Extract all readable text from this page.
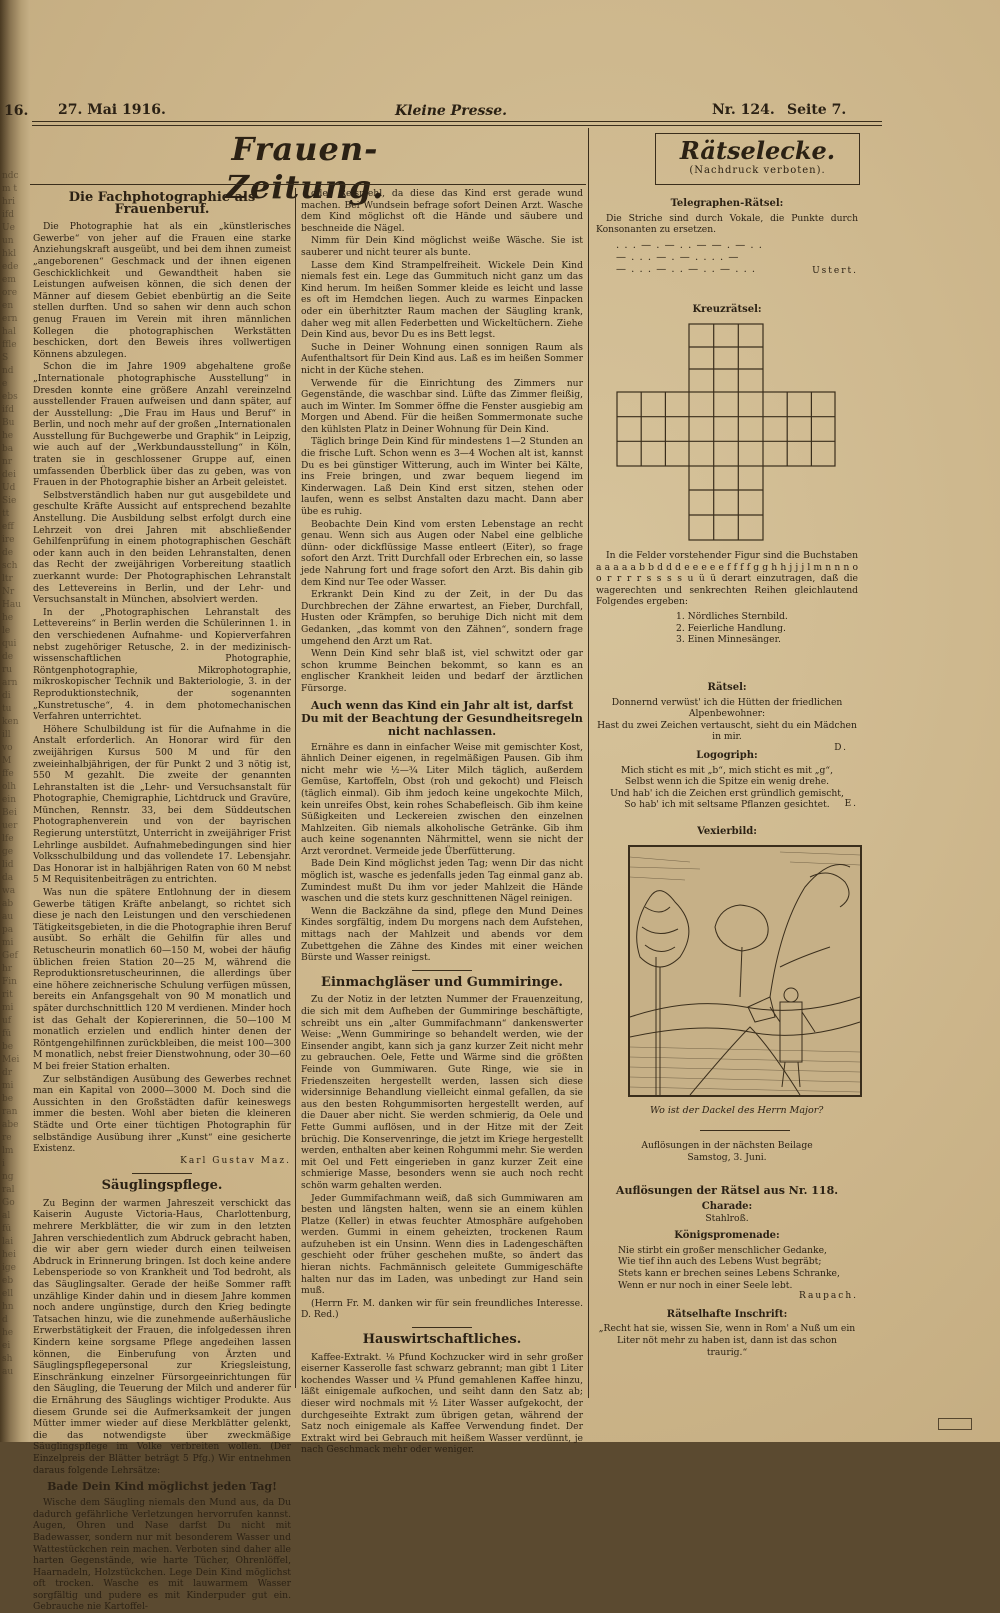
ndc
m t
hri
ifd
Ue
un
hkl
ede
em
ore
en
ern
hal
ffle
S
nd
e
ebs
ifd
Bu
he
ba
nr
dei
Ud
Sie
tt
eff
ire
de
sch
ltr
Nr
Hau
he
le
qui
de
ru
arn
di
tu
ken
ill
vo
M
ffe
olh
ein
Bei
uer
lfe
ge
lid
da
wa
ab
au
pa
mi
Gef
hr
Fin
rit
mi
uf
fü
be
Mei
dr
mi
be
ran
abe
re
lm
i
ng
ral
Go
al
fü
lai
hei
ige
eb
ell
hn
d
he
ei
sh
au
16. 27. Mai 1916.	Kleine Presse.	Nr. 124. Seite 7.
Frauen-Zeitung.
Die Fachphotographie als Frauenberuf.

Die Photographie hat als ein „künstlerisches Gewerbe“ von jeher auf die Frauen eine starke Anziehungskraft ausgeübt, und bei dem ihnen zumeist „angeborenen“ Geschmack und der ihnen eigenen Geschicklichkeit und Gewandtheit haben sie Leistungen aufweisen können, die sich denen der Männer auf diesem Gebiet ebenbürtig an die Seite stellen durften. Und so sahen wir denn auch schon genug Frauen im Verein mit ihren männlichen Kollegen die photographischen Werkstätten beschicken, dort den Beweis ihres vollwertigen Könnens abzulegen.

Schon die im Jahre 1909 abgehaltene große „Internationale photographische Ausstellung“ in Dresden konnte eine größere Anzahl vereinzelnd ausstellender Frauen aufweisen und dann später, auf der Ausstellung: „Die Frau im Haus und Beruf“ in Berlin, und noch mehr auf der großen „Internationalen Ausstellung für Buchgewerbe und Graphik“ in Leipzig, wie auch auf der „Werkbundausstellung“ in Köln, traten sie in geschlossener Gruppe auf, einen umfassenden Überblick über das zu geben, was von Frauen in der Photographie bisher an Arbeit geleistet.

Selbstverständlich haben nur gut ausgebildete und geschulte Kräfte Aussicht auf entsprechend bezahlte Anstellung. Die Ausbildung selbst erfolgt durch eine Lehrzeit von drei Jahren mit abschließender Gehilfenprüfung in einem photographischen Geschäft oder kann auch in den beiden Lehranstalten, denen das Recht der zweijährigen Vorbereitung staatlich zuerkannt wurde: Der Photographischen Lehranstalt des Lettevereins in Berlin, und der Lehr- und Versuchsanstalt in München, absolviert werden.

In der „Photographischen Lehranstalt des Lettevereins“ in Berlin werden die Schülerinnen 1. in den verschiedenen Aufnahme- und Kopierverfahren nebst zugehöriger Retusche, 2. in der medizinisch-wissenschaftlichen Photographie, Röntgenphotographie, Mikrophotographie, mikroskopischer Technik und Bakteriologie, 3. in der Reproduktionstechnik, der sogenannten „Kunstretusche“, 4. in dem photomechanischen Verfahren unterrichtet.

Höhere Schulbildung ist für die Aufnahme in die Anstalt erforderlich. An Honorar wird für den zweijährigen Kursus 500 M und für den zweieinhalbjährigen, der für Punkt 2 und 3 nötig ist, 550 M gezahlt. Die zweite der genannten Lehranstalten ist die „Lehr- und Versuchsanstalt für Photographie, Chemigraphie, Lichtdruck und Gravüre, München, Rennstr. 33, bei dem Süddeutschen Photographenverein und von der bayrischen Regierung unterstützt, Unterricht in zweijähriger Frist Lehrlinge ausbildet. Aufnahmebedingungen sind hier Volksschulbildung und das vollendete 17. Lebensjahr. Das Honorar ist in halbjährigen Raten von 60 M nebst 5 M Requisitenbeiträgen zu entrichten.

Was nun die spätere Entlohnung der in diesem Gewerbe tätigen Kräfte anbelangt, so richtet sich diese je nach den Leistungen und den verschiedenen Tätigkeitsgebieten, in die die Photographie ihren Beruf ausübt. So erhält die Gehilfin für alles und Retuscheurin monatlich 60—150 M, wobei der häufig üblichen freien Station 20—25 M, während die Reproduktionsretuscheurinnen, die allerdings über eine höhere zeichnerische Schulung verfügen müssen, bereits ein Anfangsgehalt von 90 M monatlich und später durchschnittlich 120 M verdienen. Minder hoch ist das Gehalt der Kopiererinnen, die 50—100 M monatlich erzielen und endlich hinter denen der Röntgengehilfinnen zurückbleiben, die meist 100—300 M monatlich, nebst freier Dienstwohnung, oder 30—60 M bei freier Station erhalten.

Zur selbständigen Ausübung des Gewerbes rechnet man ein Kapital von 2000—3000 M. Doch sind die Aussichten in den Großstädten dafür keineswegs immer die besten. Wohl aber bieten die kleineren Städte und Orte einer tüchtigen Photographin für selbständige Ausübung ihrer „Kunst“ eine gesicherte Existenz.

Karl Gustav Maz.
Säuglingspflege.

Zu Beginn der warmen Jahreszeit verschickt das Kaiserin Auguste Victoria-Haus, Charlottenburg, mehrere Merkblätter, die wir zum in den letzten Jahren verschiedentlich zum Abdruck gebracht haben, die wir aber gern wieder durch einen teilweisen Abdruck in Erinnerung bringen. Ist doch keine andere Lebensperiode so von Krankheit und Tod bedroht, als das Säuglingsalter. Gerade der heiße Sommer rafft unzählige Kinder dahin und in diesem Jahre kommen noch andere ungünstige, durch den Krieg bedingte Tatsachen hinzu, wie die zunehmende außerhäusliche Erwerbstätigkeit der Frauen, die infolgedessen ihren Kindern keine sorgsame Pflege angedeihen lassen können, die Einberufung von Ärzten und Säuglingspflegepersonal zur Kriegsleistung, Einschränkung einzelner Fürsorgeeinrichtungen für den Säugling, die Teuerung der Milch und anderer für die Ernährung des Säuglings wichtiger Produkte. Aus diesem Grunde sei die Aufmerksamkeit der jungen Mütter immer wieder auf diese Merkblätter gelenkt, die das notwendigste über zweckmäßige Säuglingspflege im Volke verbreiten wollen. (Der Einzelpreis der Blätter beträgt 5 Pfg.) Wir entnehmen daraus folgende Lehrsätze:

Bade Dein Kind möglichst jeden Tag!

Wische dem Säugling niemals den Mund aus, da Du dadurch gefährliche Verletzungen hervorrufen kannst. Augen, Ohren und Nase darfst Du nicht mit Badewasser, sondern nur mit besonderem Wasser und Wattestückchen rein machen. Verboten sind daher alle harten Gegenstände, wie harte Tücher, Ohrenlöffel, Haarnadeln, Holzstückchen. Lege Dein Kind möglichst oft trocken. Wasche es mit lauwarmem Wasser sorgfältig und pudere es mit Kinderpuder gut ein. Gebrauche nie Kartoffel-

oder Reismehl, da diese das Kind erst gerade wund machen. Bei Wundsein befrage sofort Deinen Arzt. Wasche dem Kind möglichst oft die Hände und säubere und beschneide die Nägel.

Nimm für Dein Kind möglichst weiße Wäsche. Sie ist sauberer und nicht teurer als bunte.

Lasse dem Kind Strampelfreiheit. Wickele Dein Kind niemals fest ein. Lege das Gummituch nicht ganz um das Kind herum. Im heißen Sommer kleide es leicht und lasse es oft im Hemdchen liegen. Auch zu warmes Einpacken oder ein überhitzter Raum machen der Säugling krank, daher weg mit allen Federbetten und Wickeltüchern. Ziehe Dein Kind aus, bevor Du es ins Bett legst.

Suche in Deiner Wohnung einen sonnigen Raum als Aufenthaltsort für Dein Kind aus. Laß es im heißen Sommer nicht in der Küche stehen.

Verwende für die Einrichtung des Zimmers nur Gegenstände, die waschbar sind. Lüfte das Zimmer fleißig, auch im Winter. Im Sommer öffne die Fenster ausgiebig am Morgen und Abend. Für die heißen Sommermonate suche den kühlsten Platz in Deiner Wohnung für Dein Kind.

Täglich bringe Dein Kind für mindestens 1—2 Stunden an die frische Luft. Schon wenn es 3—4 Wochen alt ist, kannst Du es bei günstiger Witterung, auch im Winter bei Kälte, ins Freie bringen, und zwar bequem liegend im Kinderwagen. Laß Dein Kind erst sitzen, stehen oder laufen, wenn es selbst Anstalten dazu macht. Dann aber übe es ruhig.

Beobachte Dein Kind vom ersten Lebenstage an recht genau. Wenn sich aus Augen oder Nabel eine gelbliche dünn- oder dickflüssige Masse entleert (Eiter), so frage sofort den Arzt. Tritt Durchfall oder Erbrechen ein, so lasse jede Nahrung fort und frage sofort den Arzt. Bis dahin gib dem Kind nur Tee oder Wasser.

Erkrankt Dein Kind zu der Zeit, in der Du das Durchbrechen der Zähne erwartest, an Fieber, Durchfall, Husten oder Krämpfen, so beruhige Dich nicht mit dem Gedanken, „das kommt von den Zähnen“, sondern frage umgehend den Arzt um Rat.

Wenn Dein Kind sehr blaß ist, viel schwitzt oder gar schon krumme Beinchen bekommt, so kann es an englischer Krankheit leiden und bedarf der ärztlichen Fürsorge.

Auch wenn das Kind ein Jahr alt ist, darfst Du mit der Beachtung der Gesundheitsregeln nicht nachlassen.

Ernähre es dann in einfacher Weise mit gemischter Kost, ähnlich Deiner eigenen, in regelmäßigen Pausen. Gib ihm nicht mehr wie ½—¾ Liter Milch täglich, außerdem Gemüse, Kartoffeln, Obst (roh und gekocht) und Fleisch (täglich einmal). Gib ihm jedoch keine ungekochte Milch, kein unreifes Obst, kein rohes Schabefleisch. Gib ihm keine Süßigkeiten und Leckereien zwischen den einzelnen Mahlzeiten. Gib niemals alkoholische Getränke. Gib ihm auch keine sogenannten Nährmittel, wenn sie nicht der Arzt verordnet. Vermeide jede Überfütterung.

Bade Dein Kind möglichst jeden Tag; wenn Dir das nicht möglich ist, wasche es jedenfalls jeden Tag einmal ganz ab. Zumindest mußt Du ihm vor jeder Mahlzeit die Hände waschen und die stets kurz geschnittenen Nägel reinigen.

Wenn die Backzähne da sind, pflege den Mund Deines Kindes sorgfältig, indem Du morgens nach dem Aufstehen, mittags nach der Mahlzeit und abends vor dem Zubettgehen die Zähne des Kindes mit einer weichen Bürste und Wasser reinigst.

Einmachgläser und Gummiringe.

Zu der Notiz in der letzten Nummer der Frauenzeitung, die sich mit dem Aufheben der Gummiringe beschäftigte, schreibt uns ein „alter Gummifachmann“ dankenswerter Weise: „Wenn Gummiringe so behandelt werden, wie der Einsender angibt, kann sich ja ganz kurzer Zeit nicht mehr zu gebrauchen. Oele, Fette und Wärme sind die größten Feinde von Gummiwaren. Gute Ringe, wie sie in Friedenszeiten hergestellt werden, lassen sich diese widersinnige Behandlung vielleicht einmal gefallen, da sie aus den besten Rohgummisorten hergestellt werden, auf die Dauer aber nicht. Sie werden schmierig, da Oele und Fette Gummi auflösen, und in der Hitze mit der Zeit brüchig. Die Konservenringe, die jetzt im Kriege hergestellt werden, enthalten aber keinen Rohgummi mehr. Sie werden mit Oel und Fett eingerieben in ganz kurzer Zeit eine schmierige Masse, besonders wenn sie auch noch recht schön warm gehalten werden.

Jeder Gummifachmann weiß, daß sich Gummiwaren am besten und längsten halten, wenn sie an einem kühlen Platze (Keller) in etwas feuchter Atmosphäre aufgehoben werden. Gummi in einem geheizten, trockenen Raum aufzuheben ist ein Unsinn. Wenn dies in Ladengeschäften geschieht oder früher geschehen mußte, so ändert das hieran nichts. Fachmännisch geleitete Gummigeschäfte halten nur das im Laden, was unbedingt zur Hand sein muß.

(Herrn Fr. M. danken wir für sein freundliches Interesse. D. Red.)

Hauswirtschaftliches.

Kaffee-Extrakt. ⅛ Pfund Kochzucker wird in sehr großer eiserner Kasserolle fast schwarz gebrannt; man gibt 1 Liter kochendes Wasser und ¼ Pfund gemahlenen Kaffee hinzu, läßt einigemale aufkochen, und seiht dann den Satz ab; dieser wird nochmals mit ½ Liter Wasser aufgekocht, der durchgeseihte Extrakt zum übrigen getan, während der Satz noch einigemale als Kaffee Verwendung findet. Der Extrakt wird bei Gebrauch mit heißem Wasser verdünnt, je nach Geschmack mehr oder weniger.

Rätselecke.
(Nachdruck verboten).
Telegraphen-Rätsel:

Die Striche sind durch Vokale, die Punkte durch Konsonanten zu ersetzen.

. . . — . — . . — — . — . .
— . . . — . — . . . . —
— . . . — . . — . . — . . .	Ustert.
Kreuzrätsel:

In die Felder vorstehender Figur sind die Buchstaben a a a a a b b d d d e e e e e f f f f g g h h j j j l m n n n o o r r r r s s s s u ü ü derart einzutragen, daß die wagerechten und senkrechten Reihen gleichlautend Folgendes ergeben:

1. Nördliches Sternbild.
2. Feierliche Handlung.
3. Einen Minnesänger.
Rätsel:
Donnernd verwüst' ich die Hütten der friedlichen Alpenbewohner:
Hast du zwei Zeichen vertauscht, sieht du ein Mädchen in mir.
D.
Logogriph:
Mich sticht es mit „b“, mich sticht es mit „g“,
Selbst wenn ich die Spitze ein wenig drehe.
Und hab' ich die Zeichen erst gründlich gemischt,
So hab' ich mit seltsame Pflanzen gesichtet.	E.
Vexierbild:
Wo ist der Dackel des Herrn Major?
Auflösungen in der nächsten Beilage
Samstog, 3. Juni.
Auflösungen der Rätsel aus Nr. 118.
Charade:
Stahlroß.
Königspromenade:
Nie stirbt ein großer menschlicher Gedanke,
Wie tief ihn auch des Lebens Wust begräbt;
Stets kann er brechen seines Lebens Schranke,
Wenn er nur noch in einer Seele lebt.
Raupach.
Rätselhafte Inschrift:
„Recht hat sie, wissen Sie, wenn in Rom' a Nuß um ein
Liter nöt mehr zu haben ist, dann ist das schon traurig.“
